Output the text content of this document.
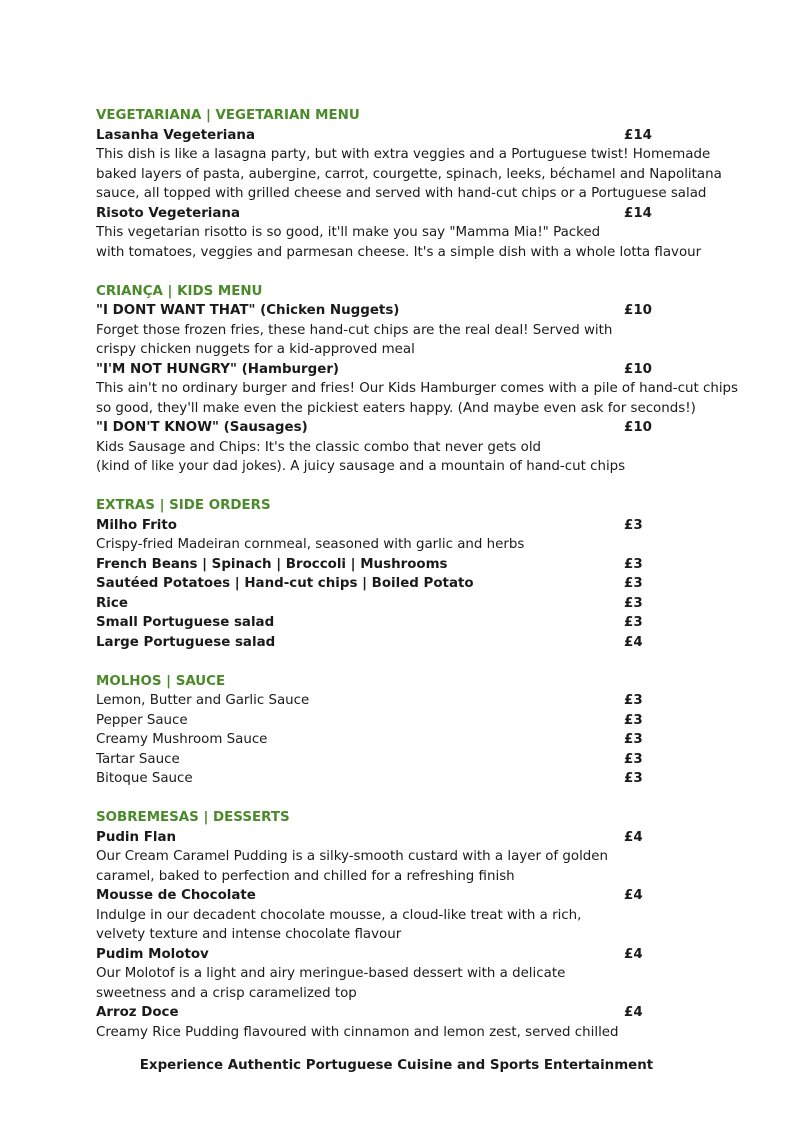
VEGETARIANA | VEGETARIAN MENU
Lasanha Vegeteriana	£14
This dish is like a lasagna party, but with extra veggies and a Portuguese twist! Homemade
baked layers of pasta, aubergine, carrot, courgette, spinach, leeks, béchamel and Napolitana
sauce, all topped with grilled cheese and served with hand-cut chips or a Portuguese salad
Risoto Vegeteriana	£14
This vegetarian risotto is so good, it'll make you say "Mamma Mia!" Packed
with tomatoes, veggies and parmesan cheese. It's a simple dish with a whole lotta flavour
CRIANÇA | KIDS MENU
"I DONT WANT THAT" (Chicken Nuggets)	£10
Forget those frozen fries, these hand-cut chips are the real deal! Served with
crispy chicken nuggets for a kid-approved meal
"I'M NOT HUNGRY" (Hamburger)	£10
This ain't no ordinary burger and fries! Our Kids Hamburger comes with a pile of hand-cut chips
so good, they'll make even the pickiest eaters happy. (And maybe even ask for seconds!)
"I DON'T KNOW" (Sausages)	£10
Kids Sausage and Chips: It's the classic combo that never gets old
(kind of like your dad jokes). A juicy sausage and a mountain of hand-cut chips
EXTRAS | SIDE ORDERS
Milho Frito	£3
Crispy-fried Madeiran cornmeal, seasoned with garlic and herbs
French Beans | Spinach | Broccoli | Mushrooms	£3
Sautéed Potatoes | Hand-cut chips | Boiled Potato	£3
Rice	£3
Small Portuguese salad	£3
Large Portuguese salad	£4
MOLHOS | SAUCE
Lemon, Butter and Garlic Sauce	£3
Pepper Sauce	£3
Creamy Mushroom Sauce	£3
Tartar Sauce	£3
Bitoque Sauce	£3
SOBREMESAS | DESSERTS
Pudin Flan	£4
Our Cream Caramel Pudding is a silky-smooth custard with a layer of golden
caramel, baked to perfection and chilled for a refreshing finish
Mousse de Chocolate	£4
Indulge in our decadent chocolate mousse, a cloud-like treat with a rich,
velvety texture and intense chocolate flavour
Pudim Molotov	£4
Our Molotof is a light and airy meringue-based dessert with a delicate
sweetness and a crisp caramelized top
Arroz Doce	£4
Creamy Rice Pudding flavoured with cinnamon and lemon zest, served chilled
Experience Authentic Portuguese Cuisine and Sports Entertainment
